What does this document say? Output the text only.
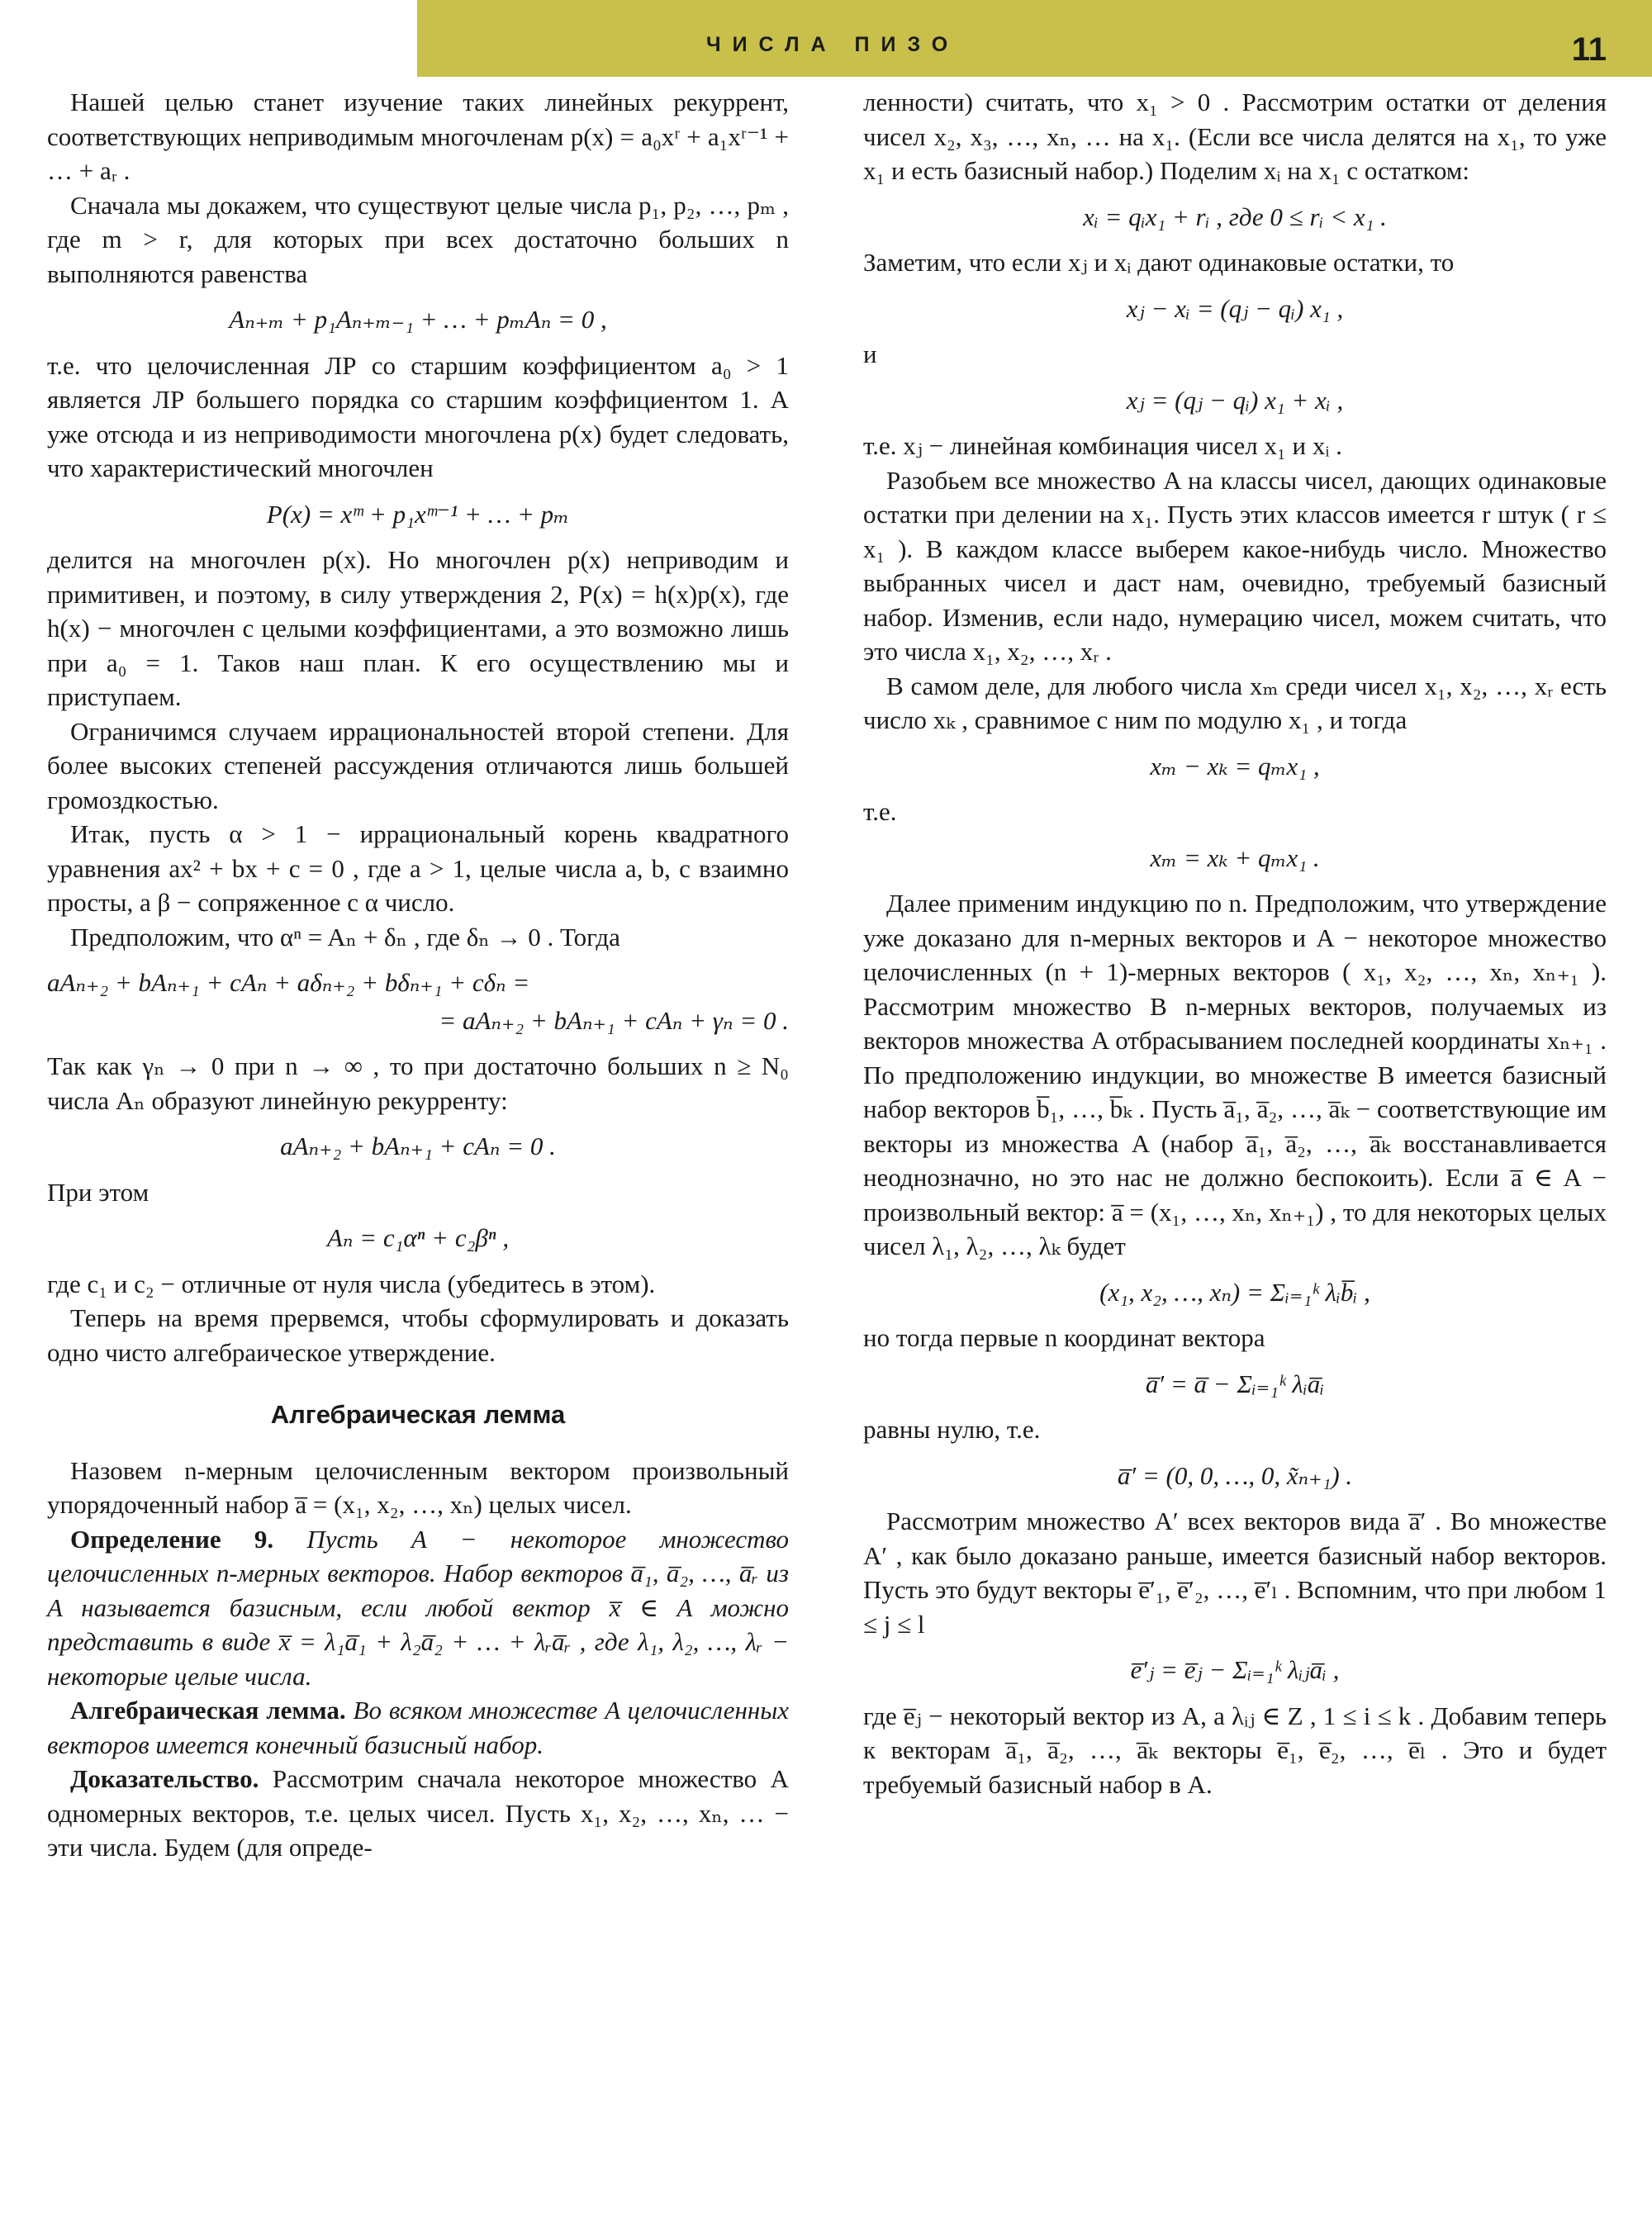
ЧИСЛА ПИЗО	11

Нашей целью станет изучение таких линейных рекуррент, соответствующих неприводимым многочленам p(x) = a₀xʳ + a₁xʳ⁻¹ + … + aᵣ .

Сначала мы докажем, что существуют целые числа p₁, p₂, …, pₘ , где m > r, для которых при всех достаточно больших n выполняются равенства

Aₙ₊ₘ + p₁Aₙ₊ₘ₋₁ + … + pₘAₙ = 0 ,

т.е. что целочисленная ЛР со старшим коэффициентом a₀ > 1 является ЛР большего порядка со старшим коэффициентом 1. А уже отсюда и из неприводимости многочлена p(x) будет следовать, что характеристический многочлен

P(x) = xᵐ + p₁xᵐ⁻¹ + … + pₘ

делится на многочлен p(x). Но многочлен p(x) неприводим и примитивен, и поэтому, в силу утверждения 2, P(x) = h(x)p(x), где h(x) − многочлен с целыми коэффициентами, а это возможно лишь при a₀ = 1. Таков наш план. К его осуществлению мы и приступаем.

Ограничимся случаем иррациональностей второй степени. Для более высоких степеней рассуждения отличаются лишь большей громоздкостью.

Итак, пусть α > 1 − иррациональный корень квадратного уравнения ax² + bx + c = 0 , где a > 1, целые числа a, b, c взаимно просты, а β − сопряженное с α число.

Предположим, что αⁿ = Aₙ + δₙ , где δₙ → 0 . Тогда

aAₙ₊₂ + bAₙ₊₁ + cAₙ + aδₙ₊₂ + bδₙ₊₁ + cδₙ =
= aAₙ₊₂ + bAₙ₊₁ + cAₙ + γₙ = 0 .

Так как γₙ → 0 при n → ∞ , то при достаточно больших n ≥ N₀ числа Aₙ образуют линейную рекурренту:

aAₙ₊₂ + bAₙ₊₁ + cAₙ = 0 .

При этом

Aₙ = c₁αⁿ + c₂βⁿ ,

где c₁ и c₂ − отличные от нуля числа (убедитесь в этом).

Теперь на время прервемся, чтобы сформулировать и доказать одно чисто алгебраическое утверждение.

Алгебраическая лемма

Назовем n-мерным целочисленным вектором произвольный упорядоченный набор a̅ = (x₁, x₂, …, xₙ) целых чисел.

Определение 9. Пусть A − некоторое множество целочисленных n-мерных векторов. Набор векторов a̅₁, a̅₂, …, a̅ᵣ из A называется базисным, если любой вектор x̅ ∈ A можно представить в виде x̅ = λ₁a̅₁ + λ₂a̅₂ + … + λᵣa̅ᵣ , где λ₁, λ₂, …, λᵣ − некоторые целые числа.

Алгебраическая лемма. Во всяком множестве A целочисленных векторов имеется конечный базисный набор.

Доказательство. Рассмотрим сначала некоторое множество A одномерных векторов, т.е. целых чисел. Пусть x₁, x₂, …, xₙ, … − эти числа. Будем (для опреде-

ленности) считать, что x₁ > 0 . Рассмотрим остатки от деления чисел x₂, x₃, …, xₙ, … на x₁. (Если все числа делятся на x₁, то уже x₁ и есть базисный набор.) Поделим xᵢ на x₁ с остатком:

xᵢ = qᵢx₁ + rᵢ , где 0 ≤ rᵢ < x₁ .

Заметим, что если xⱼ и xᵢ дают одинаковые остатки, то

xⱼ − xᵢ = (qⱼ − qᵢ) x₁ ,

и

xⱼ = (qⱼ − qᵢ) x₁ + xᵢ ,

т.е. xⱼ − линейная комбинация чисел x₁ и xᵢ .

Разобьем все множество A на классы чисел, дающих одинаковые остатки при делении на x₁. Пусть этих классов имеется r штук ( r ≤ x₁ ). В каждом классе выберем какое-нибудь число. Множество выбранных чисел и даст нам, очевидно, требуемый базисный набор. Изменив, если надо, нумерацию чисел, можем считать, что это числа x₁, x₂, …, xᵣ .

В самом деле, для любого числа xₘ среди чисел x₁, x₂, …, xᵣ есть число xₖ , сравнимое с ним по модулю x₁ , и тогда

xₘ − xₖ = qₘx₁ ,

т.е.

xₘ = xₖ + qₘx₁ .

Далее применим индукцию по n. Предположим, что утверждение уже доказано для n-мерных векторов и A − некоторое множество целочисленных (n + 1)-мерных векторов ( x₁, x₂, …, xₙ, xₙ₊₁ ). Рассмотрим множество B n-мерных векторов, получаемых из векторов множества A отбрасыванием последней координаты xₙ₊₁ . По предположению индукции, во множестве B имеется базисный набор векторов b̅₁, …, b̅ₖ . Пусть a̅₁, a̅₂, …, a̅ₖ − соответствующие им векторы из множества A (набор a̅₁, a̅₂, …, a̅ₖ восстанавливается неоднозначно, но это нас не должно беспокоить). Если a̅ ∈ A − произвольный вектор: a̅ = (x₁, …, xₙ, xₙ₊₁) , то для некоторых целых чисел λ₁, λ₂, …, λₖ будет

(x₁, x₂, …, xₙ) = Σᵢ₌₁ᵏ λᵢb̅ᵢ ,

но тогда первые n координат вектора

a̅′ = a̅ − Σᵢ₌₁ᵏ λᵢa̅ᵢ

равны нулю, т.е.

a̅′ = (0, 0, …, 0, x̃ₙ₊₁) .

Рассмотрим множество A′ всех векторов вида a̅′ . Во множестве A′ , как было доказано раньше, имеется базисный набор векторов. Пусть это будут векторы e̅′₁, e̅′₂, …, e̅′ₗ . Вспомним, что при любом 1 ≤ j ≤ l

e̅′ⱼ = e̅ⱼ − Σᵢ₌₁ᵏ λᵢⱼa̅ᵢ ,

где e̅ⱼ − некоторый вектор из A, а λᵢⱼ ∈ Z , 1 ≤ i ≤ k . Добавим теперь к векторам a̅₁, a̅₂, …, a̅ₖ векторы e̅₁, e̅₂, …, e̅ₗ . Это и будет требуемый базисный набор в A.
